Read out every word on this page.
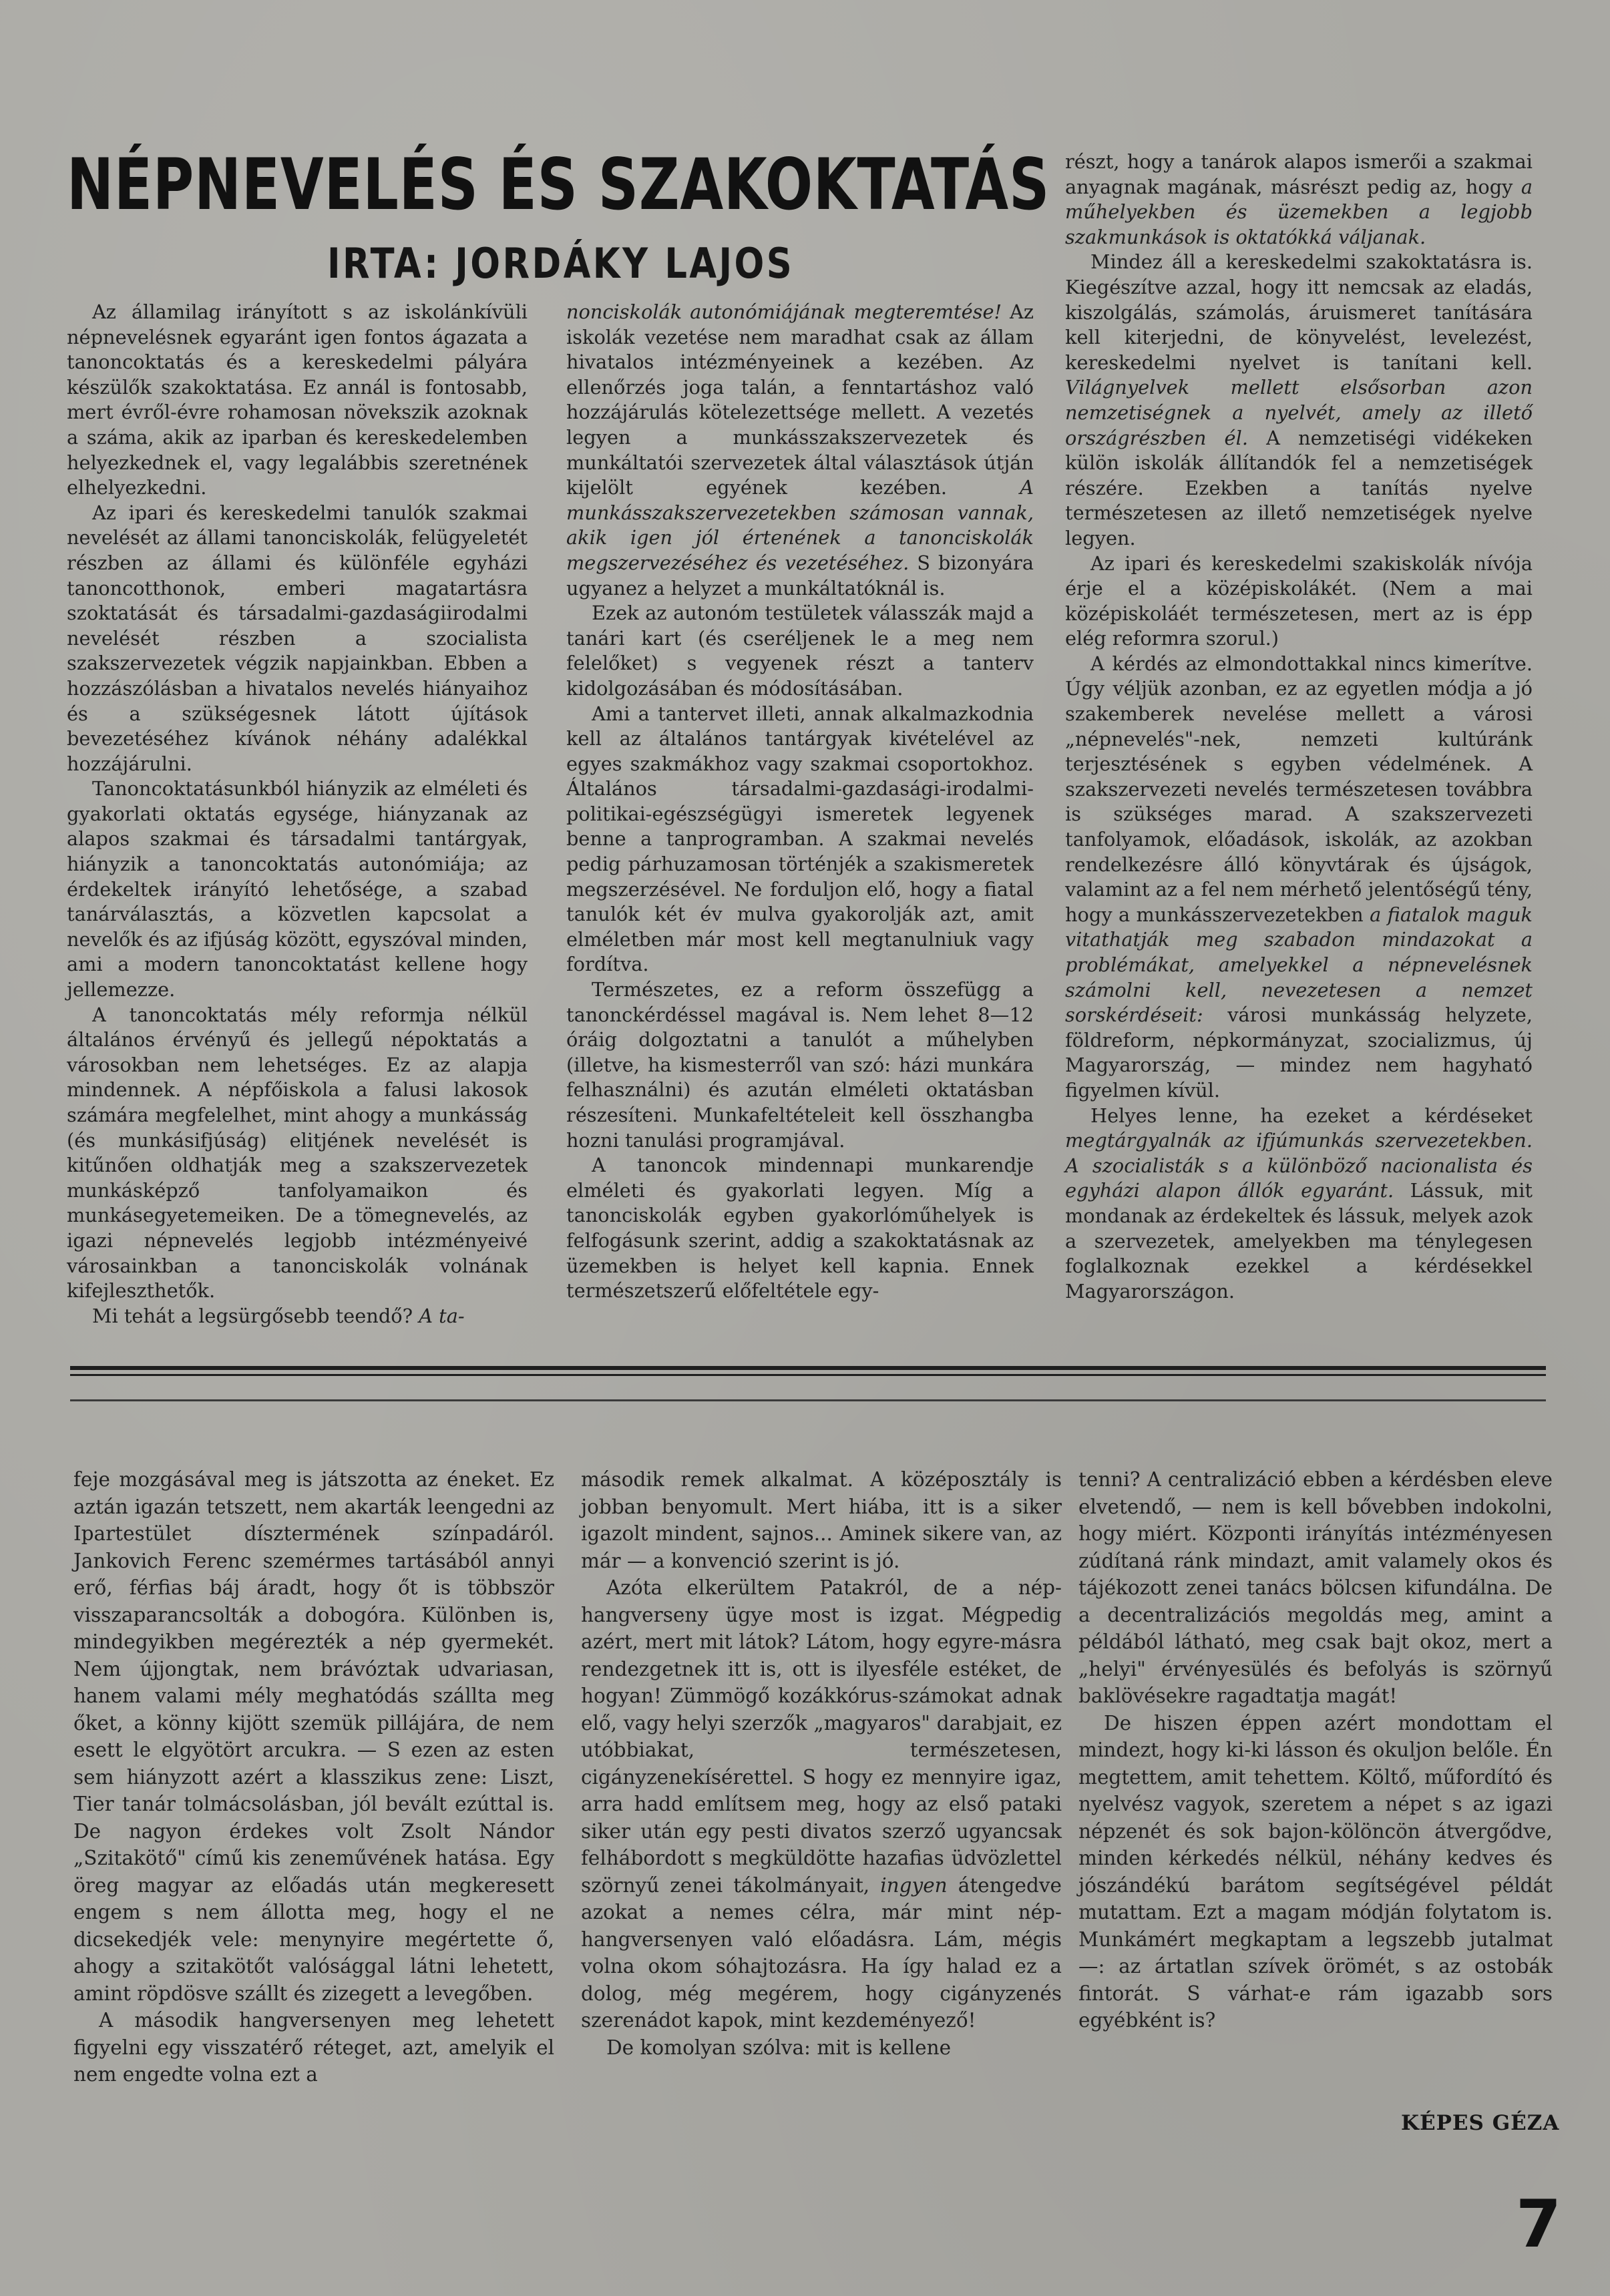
NÉPNEVELÉS ÉS SZAKOKTATÁS
IRTA: JORDÁKY LAJOS

Az államilag irányított s az iskolánkívüli népnevelésnek egyaránt igen fontos ágazata a tanoncoktatás és a kereskedelmi pályára készülők szakoktatása. Ez annál is fontosabb, mert évről-évre rohamosan növekszik azoknak a száma, akik az iparban és kereskedelemben helyezkednek el, vagy legalábbis szeretnének elhelyezkedni.

Az ipari és kereskedelmi tanulók szakmai nevelését az állami tanonciskolák, felügyeletét részben az állami és különféle egyházi tanoncotthonok, emberi magatartásra szoktatását és társadalmi-gazdaságiirodalmi nevelését részben a szocialista szakszervezetek végzik napjainkban. Ebben a hozzászólásban a hivatalos nevelés hiányaihoz és a szükségesnek látott újítások bevezetéséhez kívánok néhány adalékkal hozzájárulni.

Tanoncoktatásunkból hiányzik az elméleti és gyakorlati oktatás egysége, hiányzanak az alapos szakmai és társadalmi tantárgyak, hiányzik a tanoncoktatás autonómiája; az érdekeltek irányító lehetősége, a szabad tanárválasztás, a közvetlen kapcsolat a nevelők és az ifjúság között, egyszóval minden, ami a modern tanoncoktatást kellene hogy jellemezze.

A tanoncoktatás mély reformja nélkül általános érvényű és jellegű népoktatás a városokban nem lehetséges. Ez az alapja mindennek. A népfőiskola a falusi lakosok számára megfelelhet, mint ahogy a munkásság (és munkásifjúság) elitjének nevelését is kitűnően oldhatják meg a szakszervezetek munkásképző tanfolyamaikon és munkásegyetemeiken. De a tömegnevelés, az igazi népnevelés legjobb intézményeivé városainkban a tanonciskolák volnának kifejleszthetők.

Mi tehát a legsürgősebb teendő? A ta-

nonciskolák autonómiájának megteremtése! Az iskolák vezetése nem maradhat csak az állam hivatalos intézményeinek a kezében. Az ellenőrzés joga talán, a fenntartáshoz való hozzájárulás kötelezettsége mellett. A vezetés legyen a munkásszakszervezetek és munkáltatói szervezetek által választások útján kijelölt egyének kezében.	A munkásszakszervezetekben számosan vannak, akik igen jól értenének a tanonciskolák megszervezéséhez és vezetéséhez. S bizonyára ugyanez a helyzet a munkáltatóknál is.

Ezek az autonóm testületek válasszák majd a tanári kart (és cseréljenek le a meg nem felelőket) s vegyenek részt a tanterv kidolgozásában és módosításában.

Ami a tantervet illeti, annak alkalmazkodnia kell az általános tantárgyak kivételével az egyes szakmákhoz vagy szakmai csoportokhoz. Általános társadalmi-gazdasági-irodalmi-politikai-egészségügyi ismeretek legyenek benne a tanprogramban. A szakmai nevelés pedig párhuzamosan történjék a szakismeretek megszerzésével. Ne forduljon elő, hogy a fiatal tanulók két év mulva gyakorolják azt, amit elméletben már most kell megtanulniuk vagy fordítva.

Természetes, ez a reform összefügg a tanonckérdéssel magával is. Nem lehet 8—12 óráig dolgoztatni a tanulót a műhelyben (illetve, ha kismesterről van szó: házi munkára felhasználni) és azután elméleti oktatásban részesíteni. Munkafeltételeit kell összhangba hozni tanulási programjával.

A tanoncok mindennapi munkarendje elméleti és gyakorlati legyen. Míg a tanonciskolák egyben gyakorlóműhelyek is felfogásunk szerint, addig a szakoktatásnak az üzemekben is helyet kell kapnia. Ennek természetszerű előfeltétele egy-

részt, hogy a tanárok alapos ismerői a szakmai anyagnak magának, másrészt pedig az, hogy a műhelyekben és üzemekben a legjobb szakmunkások is oktatókká váljanak.

Mindez áll a kereskedelmi szakoktatásra is. Kiegészítve azzal, hogy itt nemcsak az eladás, kiszolgálás, számolás, áruismeret tanítására kell kiterjedni, de könyvelést, levelezést, kereskedelmi nyelvet is tanítani kell. Világnyelvek mellett elsősorban azon nemzetiségnek a nyelvét, amely az illető országrészben él. A nemzetiségi vidékeken külön iskolák állítandók fel a nemzetiségek részére. Ezekben a tanítás nyelve természetesen az illető nemzetiségek nyelve legyen.

Az ipari és kereskedelmi szakiskolák nívója érje el a középiskolákét. (Nem a mai középiskoláét természetesen, mert az is épp elég reformra szorul.)

A kérdés az elmondottakkal nincs kimerítve. Úgy véljük azonban, ez az egyetlen módja a jó szakemberek nevelése mellett a városi „népnevelés"-nek, nemzeti kultúránk terjesztésének s egyben védelmének. A szakszervezeti nevelés természetesen továbbra is szükséges marad. A szakszervezeti tanfolyamok, előadások, iskolák, az azokban rendelkezésre álló könyvtárak és újságok, valamint az a fel nem mérhető jelentőségű tény, hogy a munkásszervezetekben a fiatalok maguk vitathatják meg szabadon mindazokat a problémákat, amelyekkel a népnevelésnek számolni kell, nevezetesen a nemzet sorskérdéseit: városi munkásság helyzete, földreform, népkormányzat, szocializmus, új Magyarország, — mindez nem hagyható figyelmen kívül.

Helyes lenne, ha ezeket a kérdéseket megtárgyalnák az ifjúmunkás szervezetekben. A szocialisták s a különböző nacionalista és egyházi alapon állók egyaránt. Lássuk, mit mondanak az érdekeltek és lássuk, melyek azok a szervezetek, amelyekben ma ténylegesen foglalkoznak ezekkel a kérdésekkel Magyarországon.

feje mozgásával meg is játszotta az éneket. Ez aztán igazán tetszett, nem akarták leengedni az Ipartestület dísztermének színpadáról. Jankovich Ferenc szemérmes tartásából annyi erő, férfias báj áradt, hogy őt is többször visszaparancsolták a dobogóra. Különben is, mindegyikben megérezték a nép gyermekét. Nem újjongtak, nem brávóztak udvariasan, hanem valami mély meghatódás szállta meg őket, a könny kijött szemük pillájára, de nem esett le elgyötört arcukra. — S ezen az esten sem hiányzott azért a klasszikus zene: Liszt, Tier tanár tolmácsolásban, jól bevált ezúttal is. De nagyon érdekes volt Zsolt Nándor „Szitakötő" című kis zeneművének hatása. Egy öreg magyar az előadás után megkeresett engem s nem állotta meg, hogy el ne dicsekedjék vele: menynyire megértette ő, ahogy a szitakötőt valósággal látni lehetett, amint röpdösve szállt és zizegett a levegőben.

A második hangversenyen meg lehetett figyelni egy visszatérő réteget, azt, amelyik el nem engedte volna ezt a

második remek alkalmat. A középosztály is jobban benyomult. Mert hiába, itt is a siker igazolt mindent, sajnos... Aminek sikere van, az már — a konvenció szerint is jó.

Azóta elkerültem Patakról, de a nép-hangverseny ügye most is izgat. Mégpedig azért, mert mit látok? Látom, hogy egyre-másra rendezgetnek itt is, ott is ilyesféle estéket, de hogyan! Zümmögő kozákkórus-számokat adnak elő, vagy helyi szerzők „magyaros" darabjait, ez utóbbiakat, természetesen, cigányzenekísérettel. S hogy ez mennyire igaz, arra hadd említsem meg, hogy az első pataki siker után egy pesti divatos szerző ugyancsak felhábordott s megküldötte hazafias üdvözlettel szörnyű zenei tákolmányait, ingyen átengedve azokat a nemes célra, már mint nép-hangversenyen való előadásra. Lám, mégis volna okom sóhajtozásra. Ha így halad ez a dolog, még megérem, hogy cigányzenés szerenádot kapok, mint kezdeményező!

De komolyan szólva: mit is kellene

tenni? A centralizáció ebben a kérdésben eleve elvetendő, — nem is kell bővebben indokolni, hogy miért. Központi irányítás intézményesen zúdítaná ránk mindazt, amit valamely okos és tájékozott zenei tanács bölcsen kifundálna. De a decentralizációs megoldás meg, amint a példából látható, meg csak bajt okoz, mert a „helyi" érvényesülés és befolyás is szörnyű baklövésekre ragadtatja magát!

De hiszen éppen azért mondottam el mindezt, hogy ki-ki lásson és okuljon belőle. Én megtettem, amit tehettem. Költő, műfordító és nyelvész vagyok, szeretem a népet s az igazi népzenét és sok bajon-kölöncön átvergődve, minden kérkedés nélkül, néhány kedves és jószándékú barátom segítségével példát mutattam. Ezt a magam módján folytatom is. Munkámért megkaptam a legszebb jutalmat —: az ártatlan szívek örömét, s az ostobák fintorát. S várhat-e rám igazabb sors egyébként is?

KÉPES GÉZA
7
